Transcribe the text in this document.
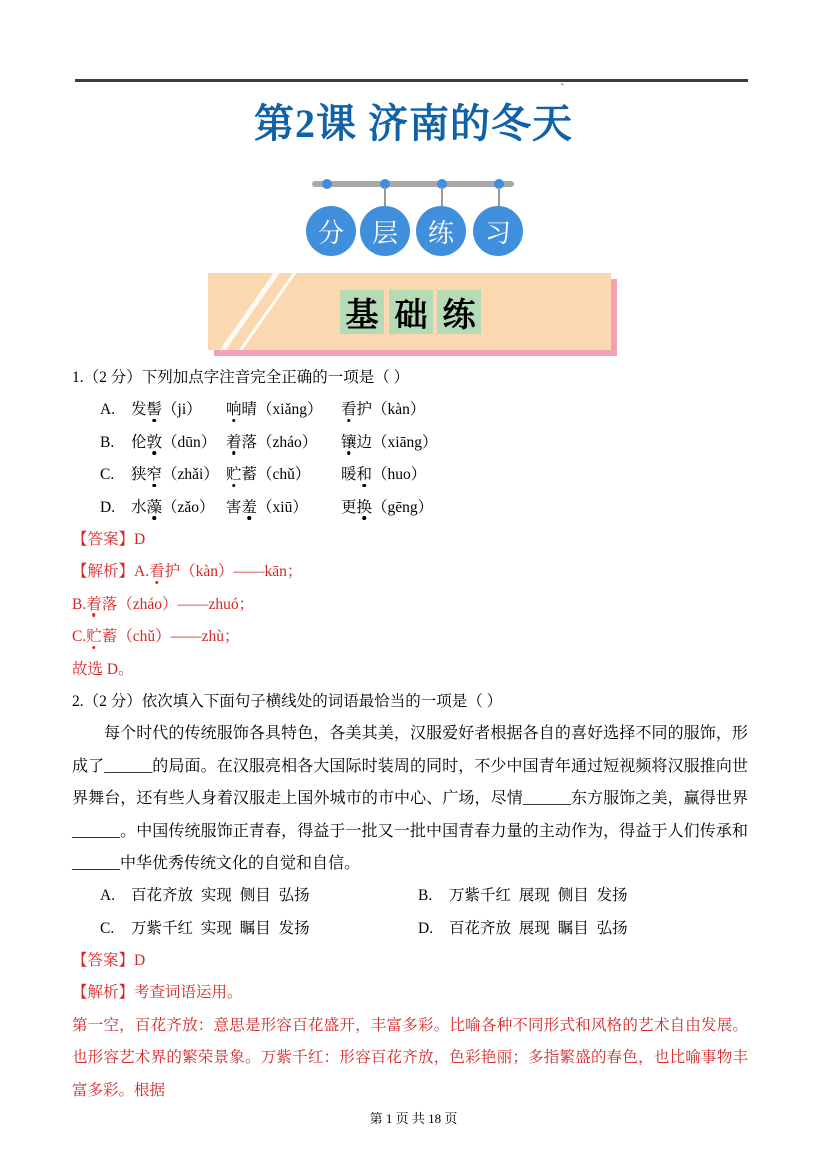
`
第2课 济南的冬天
分 层 练 习
基 础 练
1.（2 分）下列加点字注音完全正确的一项是（ ）
A. 发髻（ji） 响晴（xiǎng） 看护（kàn）
B. 伦敦（dūn） 着落（zháo） 镶边（xiāng）
C. 狭窄（zhǎi） 贮蓄（chǔ） 暖和（huo）
D. 水藻（zǎo） 害羞（xiū） 更换（gēng）
【答案】D
【解析】A.看护（kàn）——kān；
B.着落（zháo）——zhuó；
C.贮蓄（chǔ）——zhù；
故选 D。
2.（2 分）依次填入下面句子横线处的词语最恰当的一项是（ ）
每个时代的传统服饰各具特色，各美其美，汉服爱好者根据各自的喜好选择不同的服饰，形成了______的局面。在汉服亮相各大国际时装周的同时，不少中国青年通过短视频将汉服推向世界舞台，还有些人身着汉服走上国外城市的市中心、广场，尽情______东方服饰之美，赢得世界______。中国传统服饰正青春，得益于一批又一批中国青春力量的主动作为，得益于人们传承和______中华优秀传统文化的自觉和自信。
A. 百花齐放 实现 侧目 弘扬	B. 万紫千红 展现 侧目 发扬
C. 万紫千红 实现 瞩目 发扬	D. 百花齐放 展现 瞩目 弘扬
【答案】D
【解析】考查词语运用。
第一空，百花齐放：意思是形容百花盛开，丰富多彩。比喻各种不同形式和风格的艺术自由发展。也形容艺术界的繁荣景象。万紫千红：形容百花齐放，色彩艳丽；多指繁盛的春色，也比喻事物丰富多彩。根据
第 1 页 共 18 页
